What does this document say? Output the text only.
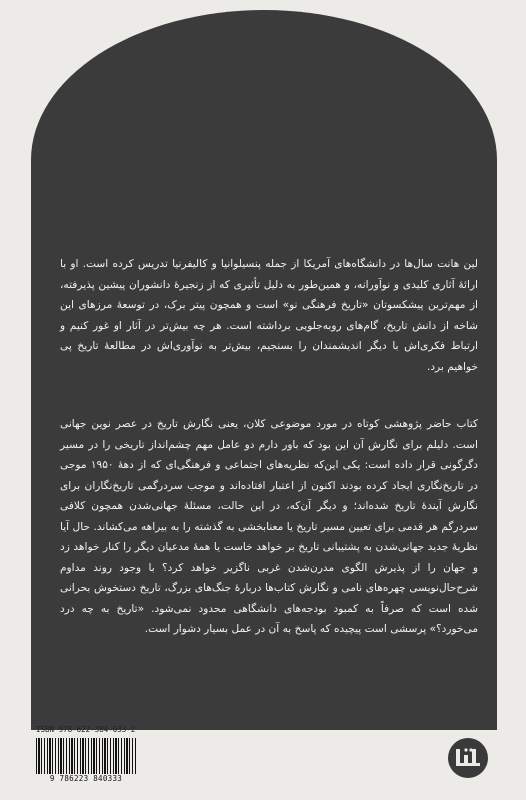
لین هانت سال‌ها در دانشگاه‌های آمریکا از جمله پنسیلوانیا و کالیفرنیا تدریس کرده است. او با ارائهٔ آثاری کلیدی و نوآورانه، و همین‌طور به دلیل تأثیری که از زنجیرهٔ دانشوران پیشین پذیرفته، از مهم‌ترین پیشکسوتان «تاریخ فرهنگی نو» است و همچون پیتر برک، در توسعهٔ مرزهای این شاخه از دانش تاریخ، گام‌های روبه‌جلویی برداشته است. هر چه بیش‌تر در آثار او غور کنیم و ارتباط فکری‌اش با دیگر اندیشمندان را بسنجیم، بیش‌تر به نوآوری‌اش در مطالعهٔ تاریخ پی خواهیم برد.

کتاب حاضر پژوهشی کوتاه در مورد موضوعی کلان، یعنی نگارش تاریخ در عصر نوین جهانی است. دلیلم برای نگارش آن این بود که باور دارم دو عامل مهم چشم‌انداز تاریخی را در مسیر دگرگونی قرار داده است: یکی این‌که نظریه‌های اجتماعی و فرهنگی‌ای که از دههٔ ۱۹۵۰ موجی در تاریخ‌نگاری ایجاد کرده بودند اکنون از اعتبار افتاده‌اند و موجب سردرگمی تاریخ‌نگاران برای نگارش آیندهٔ تاریخ شده‌اند؛ و دیگر آن‌که، در این حالت، مسئلهٔ جهانی‌شدن همچون کلافی سردرگم هر قدمی برای تعیین مسیر تاریخ یا معنابخشی به گذشته را به بیراهه می‌کشاند. حال آیا نظریهٔ جدید جهانی‌شدن به پشتیبانی تاریخ بر خواهد خاست یا همهٔ مدعیان دیگر را کنار خواهد زد و جهان را از پذیرش الگوی مدرن‌شدن غربی ناگزیر خواهد کرد؟ با وجود روند مداوم شرح‌حال‌نویسی چهره‌های نامی و نگارش کتاب‌ها دربارهٔ جنگ‌های بزرگ، تاریخ دستخوش بحرانی شده است که صرفاً به کمبود بودجه‌های دانشگاهی محدود نمی‌شود. «تاریخ به چه درد می‌خورد؟» پرسشی است پیچیده که پاسخ به آن در عمل بسیار دشوار است.

ISBN 978-622-384-033-2
9 786223 840333
